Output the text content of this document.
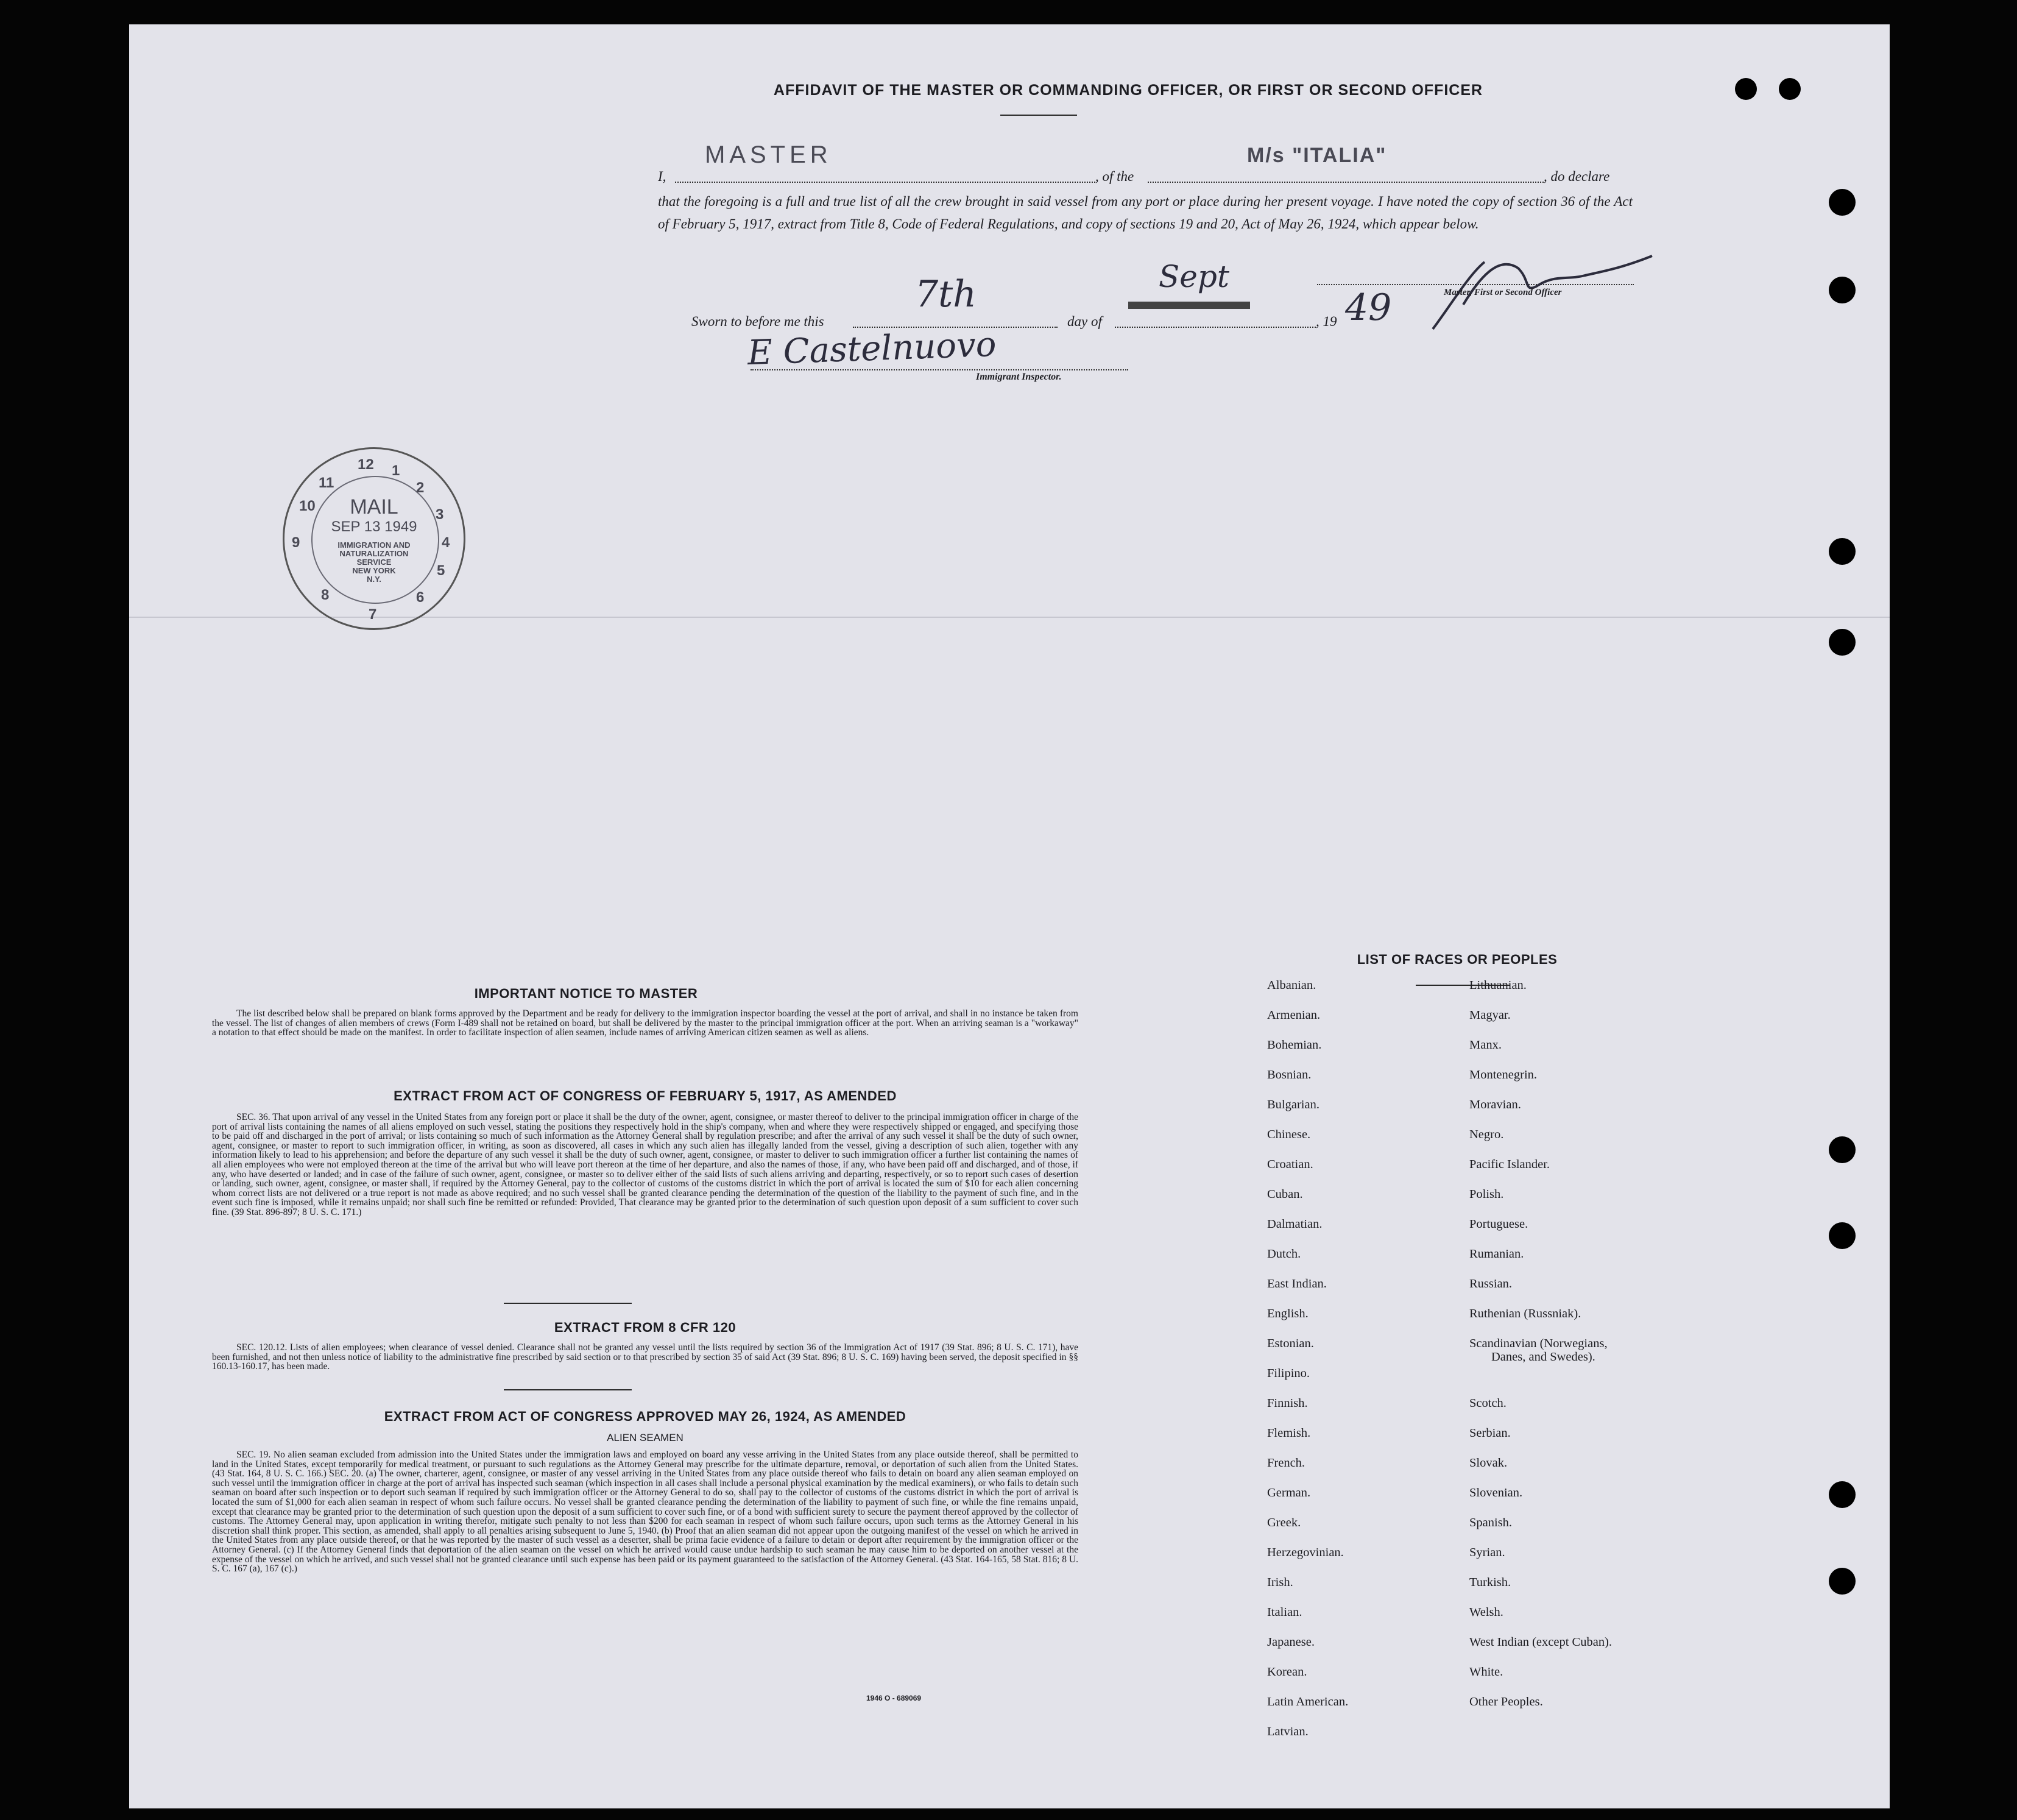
AFFIDAVIT OF THE MASTER OR COMMANDING OFFICER, OR FIRST OR SECOND OFFICER
I,
MASTER
, of the
M/s "ITALIA"
, do declare
that the foregoing is a full and true list of all the crew brought in said vessel from any port or place during her present voyage. I have noted the copy of section 36 of the Act of February 5, 1917, extract from Title 8, Code of Federal Regulations, and copy of sections 19 and 20, Act of May 26, 1924, which appear below.
Sworn to before me this
7th
day of
Sept
, 19 49	Master, First or Second Officer
E Castelnuovo
Immigrant Inspector.
12 1
2
3
4
5
6
7
8
9
10
11
MAIL
SEP 13 1949
IMMIGRATION AND
NATURALIZATION
SERVICE
NEW YORK
N.Y.
IMPORTANT NOTICE TO MASTER
The list described below shall be prepared on blank forms approved by the Department and be ready for delivery to the immigration inspector boarding the vessel at the port of arrival, and shall in no instance be taken from the vessel. The list of changes of alien members of crews (Form I-489 shall not be retained on board, but shall be delivered by the master to the principal immigration officer at the port. When an arriving seaman is a "workaway" a notation to that effect should be made on the manifest. In order to facilitate inspection of alien seamen, include names of arriving American citizen seamen as well as aliens.
EXTRACT FROM ACT OF CONGRESS OF FEBRUARY 5, 1917, AS AMENDED
SEC. 36. That upon arrival of any vessel in the United States from any foreign port or place it shall be the duty of the owner, agent, consignee, or master thereof to deliver to the principal immigration officer in charge of the port of arrival lists containing the names of all aliens employed on such vessel, stating the positions they respectively hold in the ship's company, when and where they were respectively shipped or engaged, and specifying those to be paid off and discharged in the port of arrival; or lists containing so much of such information as the Attorney General shall by regulation prescribe; and after the arrival of any such vessel it shall be the duty of such owner, agent, consignee, or master to report to such immigration officer, in writing, as soon as discovered, all cases in which any such alien has illegally landed from the vessel, giving a description of such alien, together with any information likely to lead to his apprehension; and before the departure of any such vessel it shall be the duty of such owner, agent, consignee, or master to deliver to such immigration officer a further list containing the names of all alien employees who were not employed thereon at the time of the arrival but who will leave port thereon at the time of her departure, and also the names of those, if any, who have been paid off and discharged, and of those, if any, who have deserted or landed; and in case of the failure of such owner, agent, consignee, or master so to deliver either of the said lists of such aliens arriving and departing, respectively, or so to report such cases of desertion or landing, such owner, agent, consignee, or master shall, if required by the Attorney General, pay to the collector of customs of the customs district in which the port of arrival is located the sum of $10 for each alien concerning whom correct lists are not delivered or a true report is not made as above required; and no such vessel shall be granted clearance pending the determination of the question of the liability to the payment of such fine, and in the event such fine is imposed, while it remains unpaid; nor shall such fine be remitted or refunded: Provided, That clearance may be granted prior to the determination of such question upon deposit of a sum sufficient to cover such fine. (39 Stat. 896-897; 8 U. S. C. 171.)
EXTRACT FROM 8 CFR 120
SEC. 120.12. Lists of alien employees; when clearance of vessel denied. Clearance shall not be granted any vessel until the lists required by section 36 of the Immigration Act of 1917 (39 Stat. 896; 8 U. S. C. 171), have been furnished, and not then unless notice of liability to the administrative fine prescribed by said section or to that prescribed by section 35 of said Act (39 Stat. 896; 8 U. S. C. 169) having been served, the deposit specified in §§ 160.13-160.17, has been made.
EXTRACT FROM ACT OF CONGRESS APPROVED MAY 26, 1924, AS AMENDED
ALIEN SEAMEN
SEC. 19. No alien seaman excluded from admission into the United States under the immigration laws and employed on board any vesse arriving in the United States from any place outside thereof, shall be permitted to land in the United States, except temporarily for medical treatment, or pursuant to such regulations as the Attorney General may prescribe for the ultimate departure, removal, or deportation of such alien from the United States. (43 Stat. 164, 8 U. S. C. 166.) SEC. 20. (a) The owner, charterer, agent, consignee, or master of any vessel arriving in the United States from any place outside thereof who fails to detain on board any alien seaman employed on such vessel until the immigration officer in charge at the port of arrival has inspected such seaman (which inspection in all cases shall include a personal physical examination by the medical examiners), or who fails to detain such seaman on board after such inspection or to deport such seaman if required by such immigration officer or the Attorney General to do so, shall pay to the collector of customs of the customs district in which the port of arrival is located the sum of $1,000 for each alien seaman in respect of whom such failure occurs. No vessel shall be granted clearance pending the determination of the liability to payment of such fine, or while the fine remains unpaid, except that clearance may be granted prior to the determination of such question upon the deposit of a sum sufficient to cover such fine, or of a bond with sufficient surety to secure the payment thereof approved by the collector of customs. The Attorney General may, upon application in writing therefor, mitigate such penalty to not less than $200 for each seaman in respect of whom such failure occurs, upon such terms as the Attorney General in his discretion shall think proper. This section, as amended, shall apply to all penalties arising subsequent to June 5, 1940. (b) Proof that an alien seaman did not appear upon the outgoing manifest of the vessel on which he arrived in the United States from any place outside thereof, or that he was reported by the master of such vessel as a deserter, shall be prima facie evidence of a failure to detain or deport after requirement by the immigration officer or the Attorney General. (c) If the Attorney General finds that deportation of the alien seaman on the vessel on which he arrived would cause undue hardship to such seaman he may cause him to be deported on another vessel at the expense of the vessel on which he arrived, and such vessel shall not be granted clearance until such expense has been paid or its payment guaranteed to the satisfaction of the Attorney General. (43 Stat. 164-165, 58 Stat. 816; 8 U. S. C. 167 (a), 167 (c).)
1946 O - 689069
LIST OF RACES OR PEOPLES
Albanian.
Armenian.
Bohemian.
Bosnian.
Bulgarian.
Chinese.
Croatian.
Cuban.
Dalmatian.
Dutch.
East Indian.
English.
Estonian.
Filipino.
Finnish.
Flemish.
French.
German.
Greek.
Herzegovinian.
Irish.
Italian.
Japanese.
Korean.
Latin American.
Latvian.
Lithuanian.
Magyar.
Manx.
Montenegrin.
Moravian.
Negro.
Pacific Islander.
Polish.
Portuguese.
Rumanian.
Russian.
Ruthenian (Russniak).
Scandinavian (Norwegians,
Danes, and Swedes).
Scotch.
Serbian.
Slovak.
Slovenian.
Spanish.
Syrian.
Turkish.
Welsh.
West Indian (except Cuban).
White.
Other Peoples.
